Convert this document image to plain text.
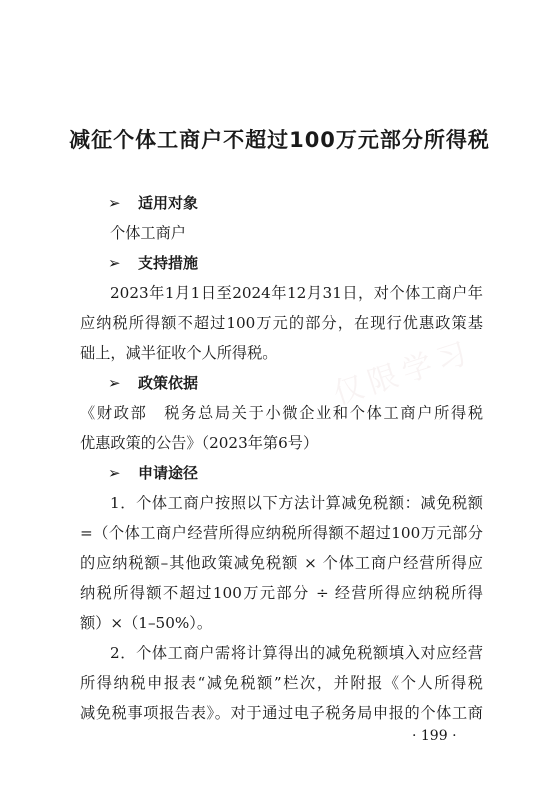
仅限学习
减征个体工商户不超过100万元部分所得税
➢	适用对象
个体工商户
➢	支持措施
2023年1月1日至2024年12月31日，对个体工商户年
应纳税所得额不超过100万元的部分，在现行优惠政策基
础上，减半征收个人所得税。
➢	政策依据
《财政部　税务总局关于小微企业和个体工商户所得税
优惠政策的公告》（2023年第6号）
➢	申请途径
1．个体工商户按照以下方法计算减免税额：减免税额
=（个体工商户经营所得应纳税所得额不超过100万元部分
的应纳税额–其他政策减免税额 × 个体工商户经营所得应
纳税所得额不超过100万元部分 ÷ 经营所得应纳税所得
额）×（1–50%）。
2．个体工商户需将计算得出的减免税额填入对应经营
所得纳税申报表“减免税额”栏次，并附报《个人所得税
减免税事项报告表》。对于通过电子税务局申报的个体工商
· 199 ·
